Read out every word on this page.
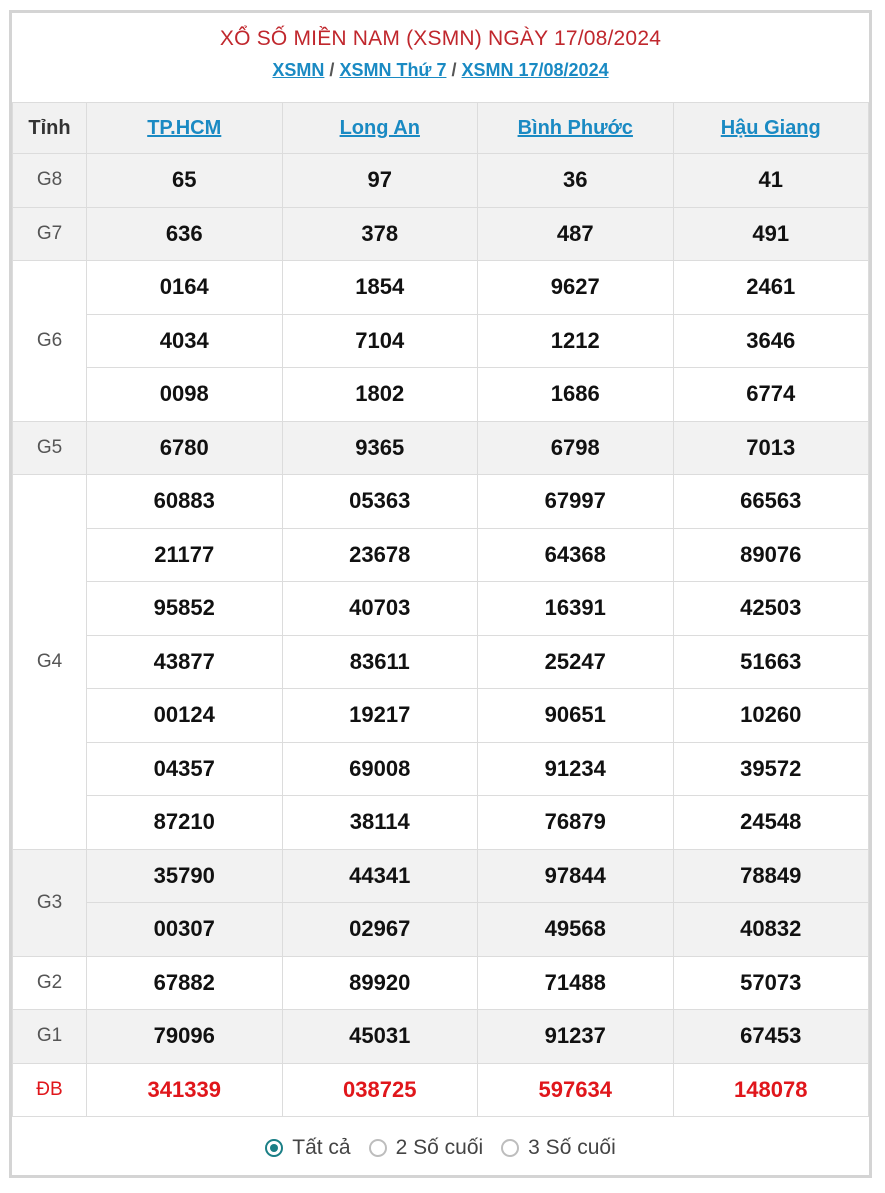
XỔ SỐ MIỀN NAM (XSMN) NGÀY 17/08/2024
XSMN / XSMN Thứ 7 / XSMN 17/08/2024
Tỉnh	TP.HCM	Long An	Bình Phước	Hậu Giang
G8	65	97	36	41
G7	636	378	487	491
G6	0164	1854	9627	2461
	4034	7104	1212	3646
	0098	1802	1686	6774
G5	6780	9365	6798	7013
G4	60883	05363	67997	66563
	21177	23678	64368	89076
	95852	40703	16391	42503
	43877	83611	25247	51663
	00124	19217	90651	10260
	04357	69008	91234	39572
	87210	38114	76879	24548
G3	35790	44341	97844	78849
	00307	02967	49568	40832
G2	67882	89920	71488	57073
G1	79096	45031	91237	67453
ĐB	341339	038725	597634	148078
Tất cả 2 Số cuối 3 Số cuối
